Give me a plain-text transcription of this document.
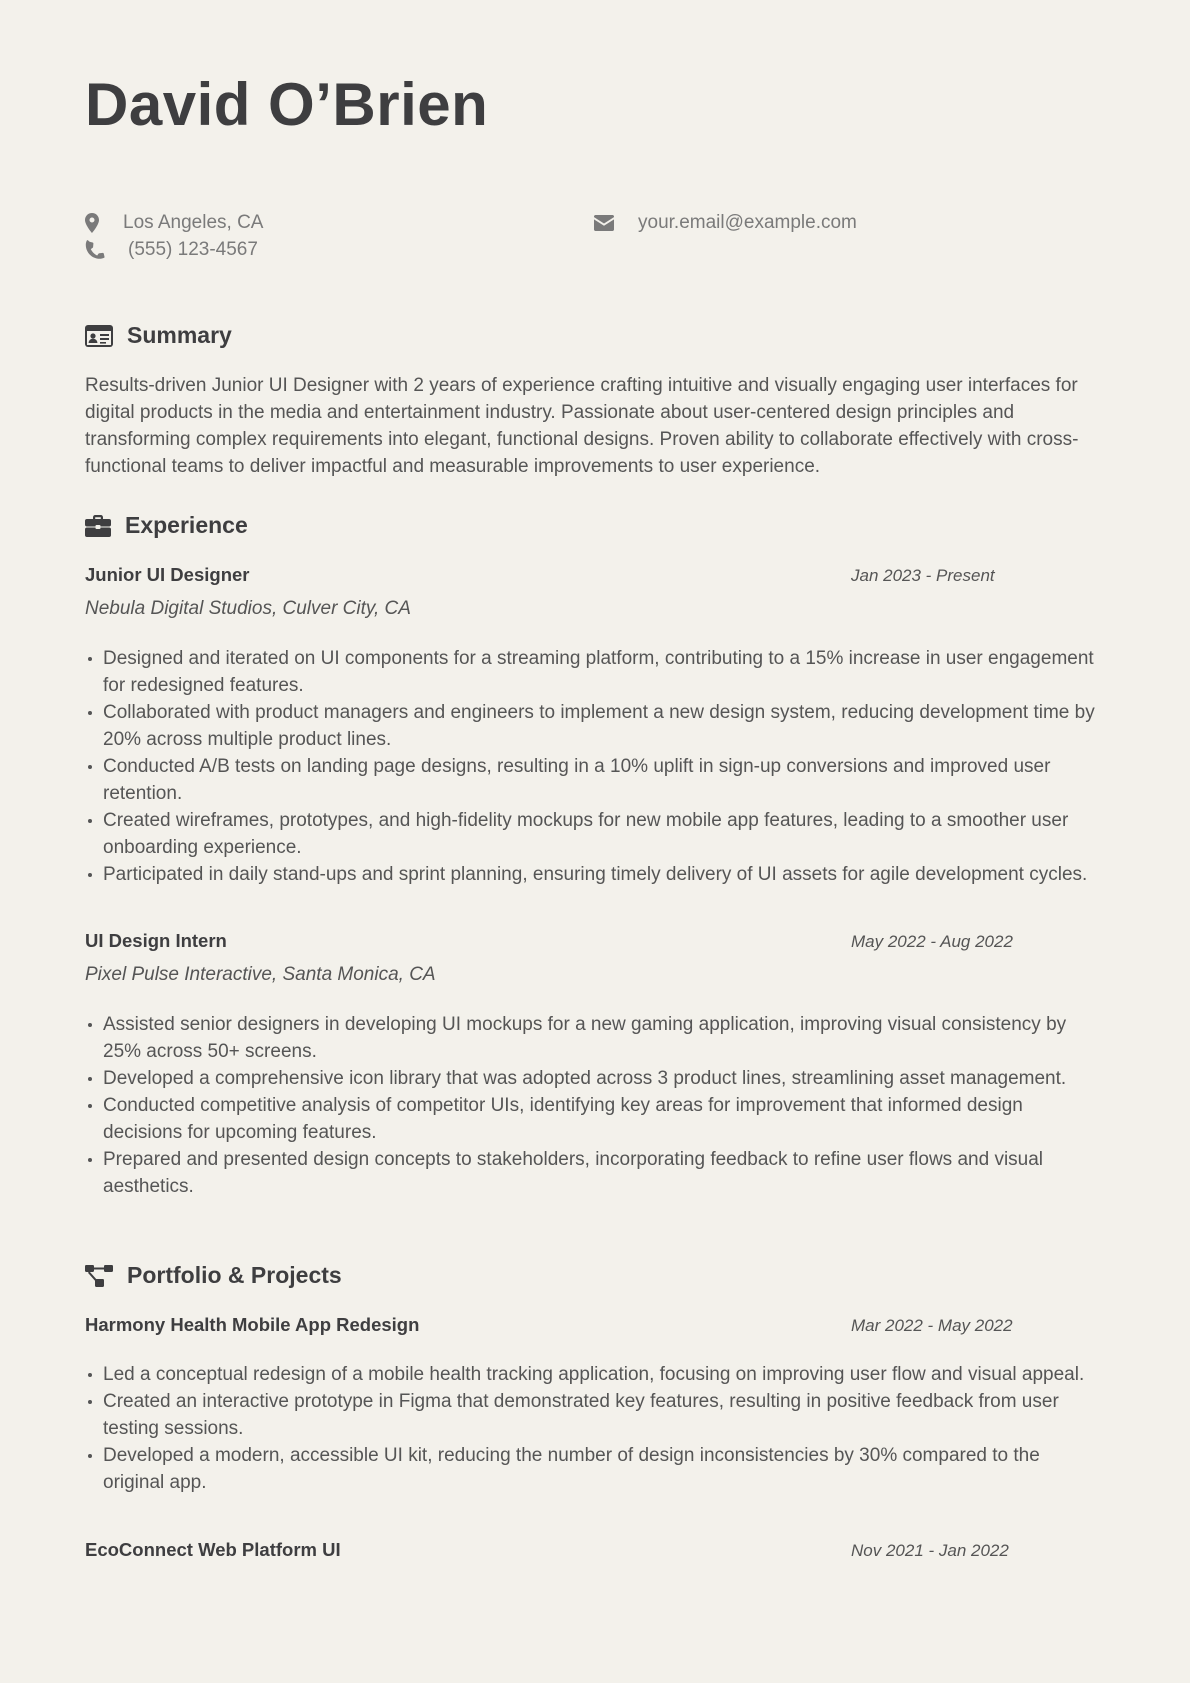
David O’Brien
Los Angeles, CA
(555) 123-4567
your.email@example.com
Summary

Results-driven Junior UI Designer with 2 years of experience crafting intuitive and visually engaging user interfaces for digital products in the media and entertainment industry. Passionate about user-centered design principles and transforming complex requirements into elegant, functional designs. Proven ability to collaborate effectively with cross-functional teams to deliver impactful and measurable improvements to user experience.

Experience
Junior UI Designer	Jan 2023 - Present
Nebula Digital Studios, Culver City, CA
Designed and iterated on UI components for a streaming platform, contributing to a 15% increase in user engagement for redesigned features.
Collaborated with product managers and engineers to implement a new design system, reducing development time by 20% across multiple product lines.
Conducted A/B tests on landing page designs, resulting in a 10% uplift in sign-up conversions and improved user retention.
Created wireframes, prototypes, and high-fidelity mockups for new mobile app features, leading to a smoother user onboarding experience.
Participated in daily stand-ups and sprint planning, ensuring timely delivery of UI assets for agile development cycles.
UI Design Intern	May 2022 - Aug 2022
Pixel Pulse Interactive, Santa Monica, CA
Assisted senior designers in developing UI mockups for a new gaming application, improving visual consistency by 25% across 50+ screens.
Developed a comprehensive icon library that was adopted across 3 product lines, streamlining asset management.
Conducted competitive analysis of competitor UIs, identifying key areas for improvement that informed design decisions for upcoming features.
Prepared and presented design concepts to stakeholders, incorporating feedback to refine user flows and visual aesthetics.
Portfolio & Projects
Harmony Health Mobile App Redesign	Mar 2022 - May 2022
Led a conceptual redesign of a mobile health tracking application, focusing on improving user flow and visual appeal.
Created an interactive prototype in Figma that demonstrated key features, resulting in positive feedback from user testing sessions.
Developed a modern, accessible UI kit, reducing the number of design inconsistencies by 30% compared to the original app.
EcoConnect Web Platform UI	Nov 2021 - Jan 2022
